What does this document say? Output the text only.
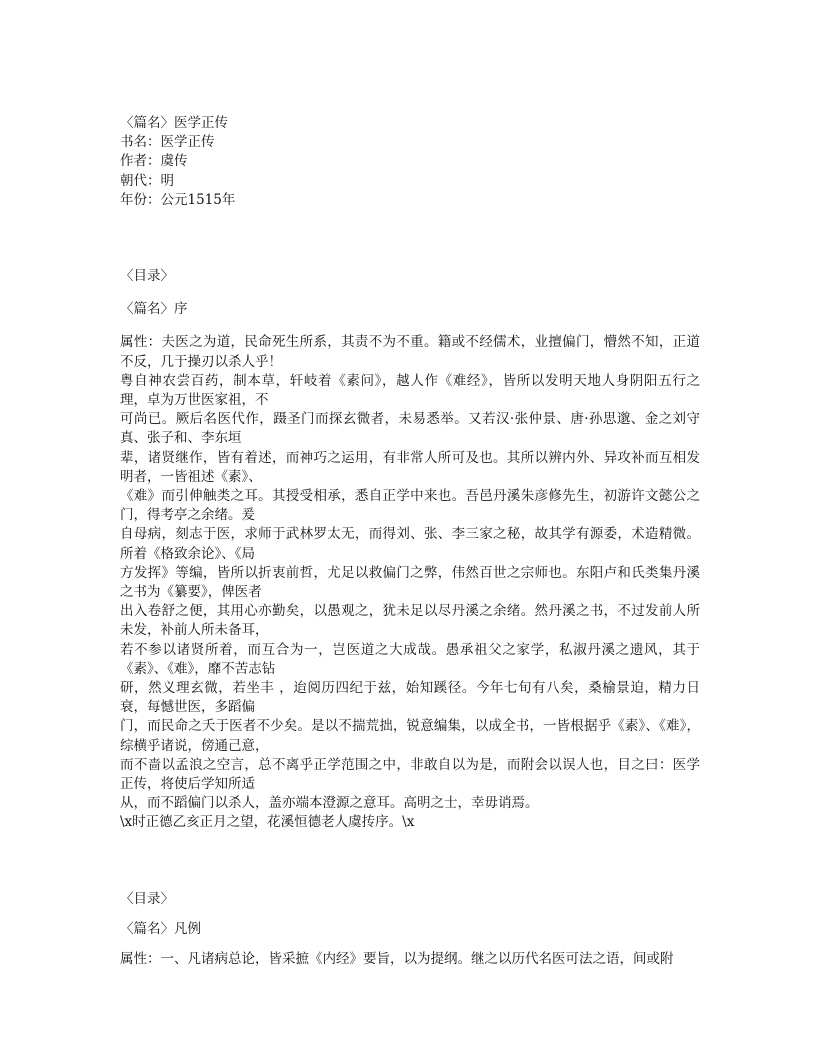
〈篇名〉医学正传
书名：医学正传
作者：虞传
朝代：明
年份：公元1515年
〈目录〉
〈篇名〉序
属性：夫医之为道，民命死生所系，其责不为不重。籍或不经儒术，业擅偏门，懵然不知，正道不反，几于操刃以杀人乎！
粤自神农尝百药，制本草，轩岐着《素问》，越人作《难经》，皆所以发明天地人身阴阳五行之理，卓为万世医家祖，不
可尚已。厥后名医代作，蹑圣门而探玄微者，未易悉举。又若汉·张仲景、唐·孙思邈、金之刘守真、张子和、李东垣
辈，诸贤继作，皆有着述，而神巧之运用，有非常人所可及也。其所以辨内外、异攻补而互相发明者，一皆祖述《素》、
《难》而引伸触类之耳。其授受相承，悉自正学中来也。吾邑丹溪朱彦修先生，初游许文懿公之门，得考亭之余绪。爰
自母病，刻志于医，求师于武林罗太无，而得刘、张、李三家之秘，故其学有源委，术造精微。所着《格致余论》、《局
方发挥》等编，皆所以折衷前哲，尤足以救偏门之弊，伟然百世之宗师也。东阳卢和氏类集丹溪之书为《纂要》，俾医者
出入卷舒之便，其用心亦勤矣，以愚观之，犹未足以尽丹溪之余绪。然丹溪之书，不过发前人所未发，补前人所未备耳，
若不参以诸贤所着，而互合为一，岂医道之大成哉。愚承祖父之家学，私淑丹溪之遗风，其于《素》、《难》，靡不苦志钻
研，然义理玄微，若坐丰 ，迨阅历四纪于兹，始知蹊径。今年七旬有八矣，桑榆景迫，精力日衰，每憾世医，多蹈偏
门，而民命之夭于医者不少矣。是以不揣荒拙，锐意编集，以成全书，一皆根据乎《素》、《难》，综横乎诸说，傍通己意，
而不啬以孟浪之空言，总不离乎正学范围之中，非敢自以为是，而附会以误人也，目之曰：医学正传，将使后学知所适
从，而不蹈偏门以杀人，盖亦端本澄源之意耳。高明之士，幸毋诮焉。
\x时正德乙亥正月之望，花溪恒德老人虞抟序。\x
〈目录〉
〈篇名〉凡例
属性：一、凡诸病总论，皆采摭《内经》要旨，以为提纲。继之以历代名医可法之语，间或附
